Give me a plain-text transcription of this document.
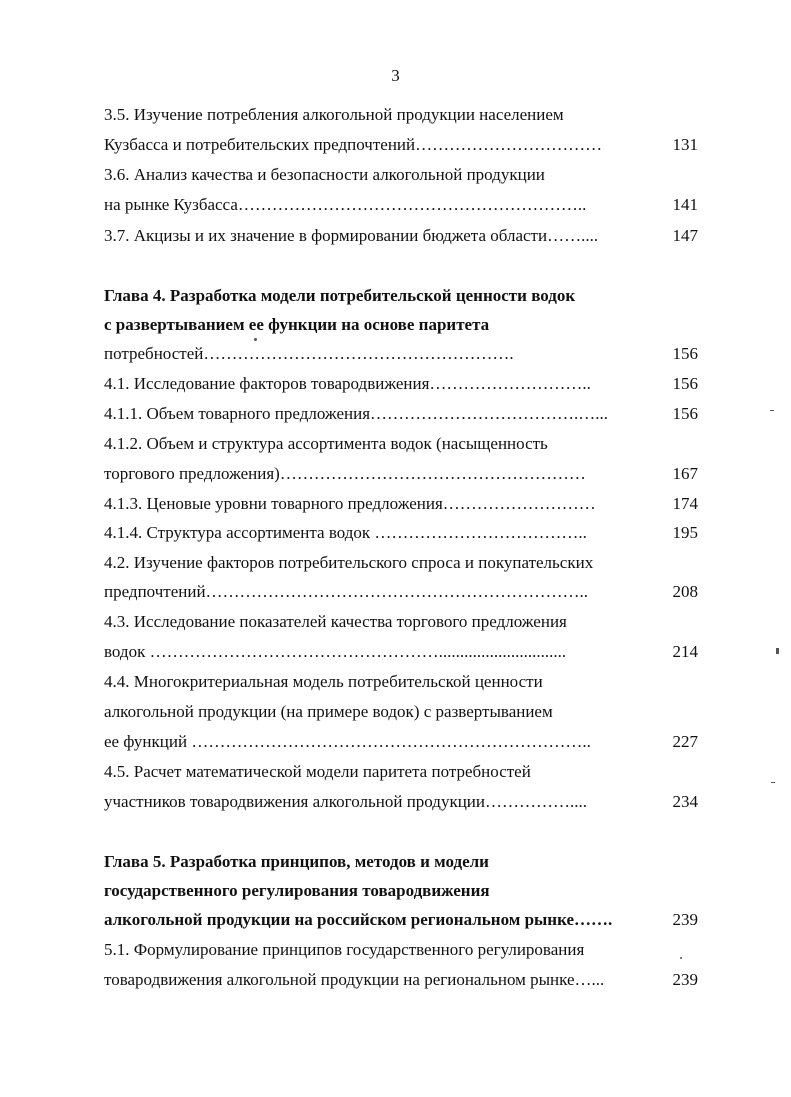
3
3.5. Изучение потребления алкогольной продукции населением
Кузбасса и потребительских предпочтений……………………………	131
3.6. Анализ качества и безопасности алкогольной продукции
на рынке Кузбасса……………………………………………………..	141
3.7. Акцизы и их значение в формировании бюджета области……....	147
Глава 4. Разработка модели потребительской ценности водок
с развертыванием ее функции на основе паритета
потребностей……………………………………………….	156
4.1. Исследование факторов товародвижения………………………..	156
4.1.1. Объем товарного предложения……………………………….…...	156
4.1.2. Объем и структура ассортимента водок (насыщенность
торгового предложения)………………………………………………	167
4.1.3. Ценовые уровни товарного предложения………………………	174
4.1.4. Структура ассортимента водок ………………………………..	195
4.2. Изучение факторов потребительского спроса и покупательских
предпочтений…………………………………………………………..	208
4.3. Исследование показателей качества торгового предложения
водок ……………………………………………..............................	214
4.4. Многокритериальная модель потребительской ценности
алкогольной продукции (на примере водок) с развертыванием
ее функций ……………………………………………………………..	227
4.5. Расчет математической модели паритета потребностей
участников товародвижения алкогольной продукции……………....	234
Глава 5. Разработка принципов, методов и модели
государственного регулирования товародвижения
алкогольной продукции на российском региональном рынке…….	239
5.1. Формулирование принципов государственного регулирования
товародвижения алкогольной продукции на региональном рынке…...	239
